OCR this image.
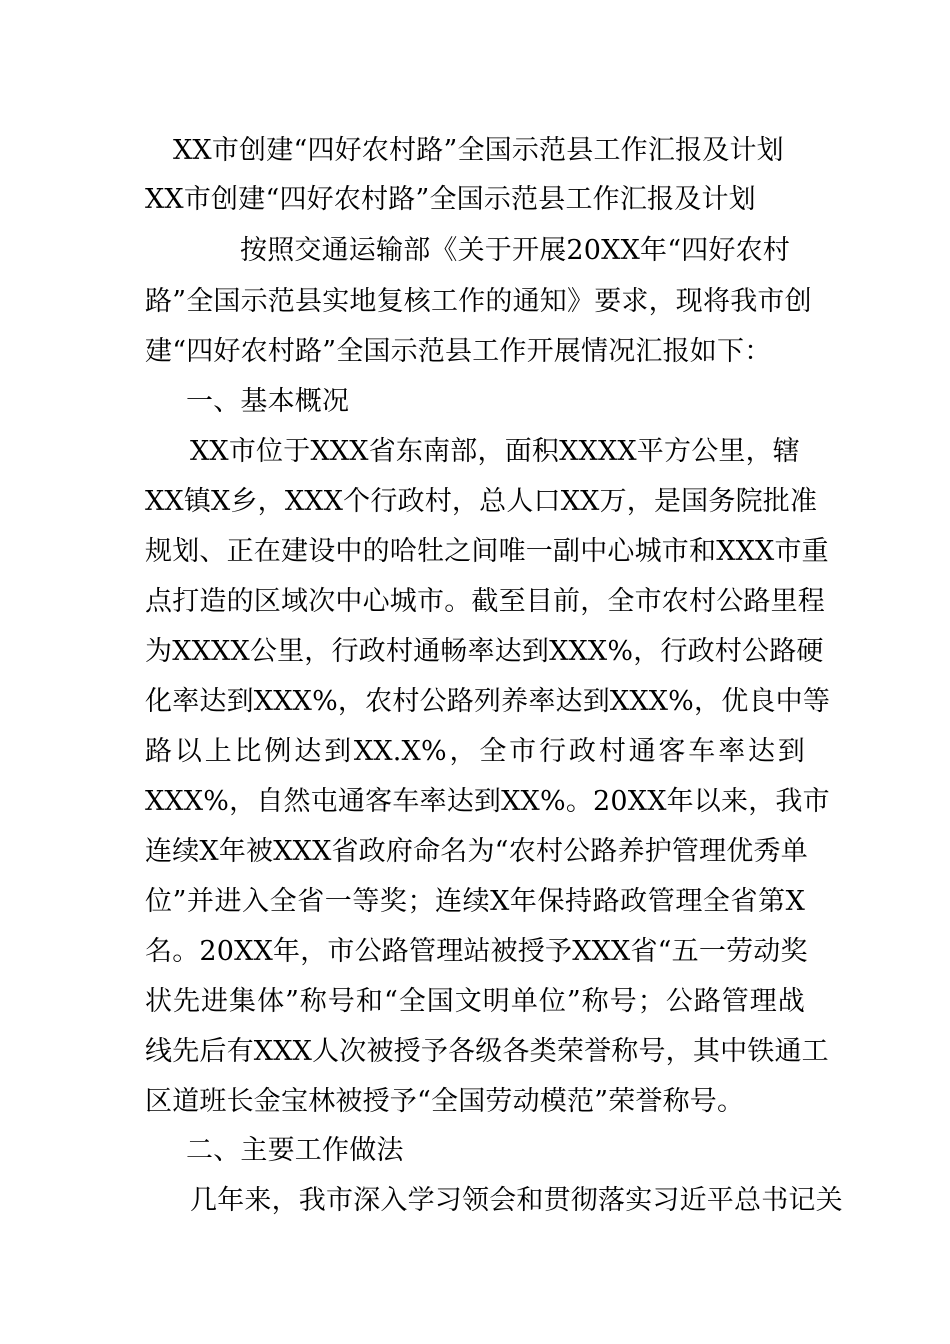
XX市创建“四好农村路”全国示范县工作汇报及计划
XX市创建“四好农村路”全国示范县工作汇报及计划
按照交通运输部《关于开展20XX年“四好农村
路”全国示范县实地复核工作的通知》要求，现将我市创
建“四好农村路”全国示范县工作开展情况汇报如下：
一、基本概况
XX市位于XXX省东南部，面积XXXX平方公里，辖
XX镇X乡，XXX个行政村，总人口XX万，是国务院批准
规划、正在建设中的哈牡之间唯一副中心城市和XXX市重
点打造的区域次中心城市。截至目前，全市农村公路里程
为XXXX公里，行政村通畅率达到XXX%，行政村公路硬
化率达到XXX%，农村公路列养率达到XXX%，优良中等
路以上比例达到XX.X%，全市行政村通客车率达到
XXX%，自然屯通客车率达到XX%。20XX年以来，我市
连续X年被XXX省政府命名为“农村公路养护管理优秀单
位”并进入全省一等奖；连续X年保持路政管理全省第X
名。20XX年，市公路管理站被授予XXX省“五一劳动奖
状先进集体”称号和“全国文明单位”称号；公路管理战
线先后有XXX人次被授予各级各类荣誉称号，其中铁通工
区道班长金宝林被授予“全国劳动模范”荣誉称号。
二、主要工作做法
几年来，我市深入学习领会和贯彻落实习近平总书记关
